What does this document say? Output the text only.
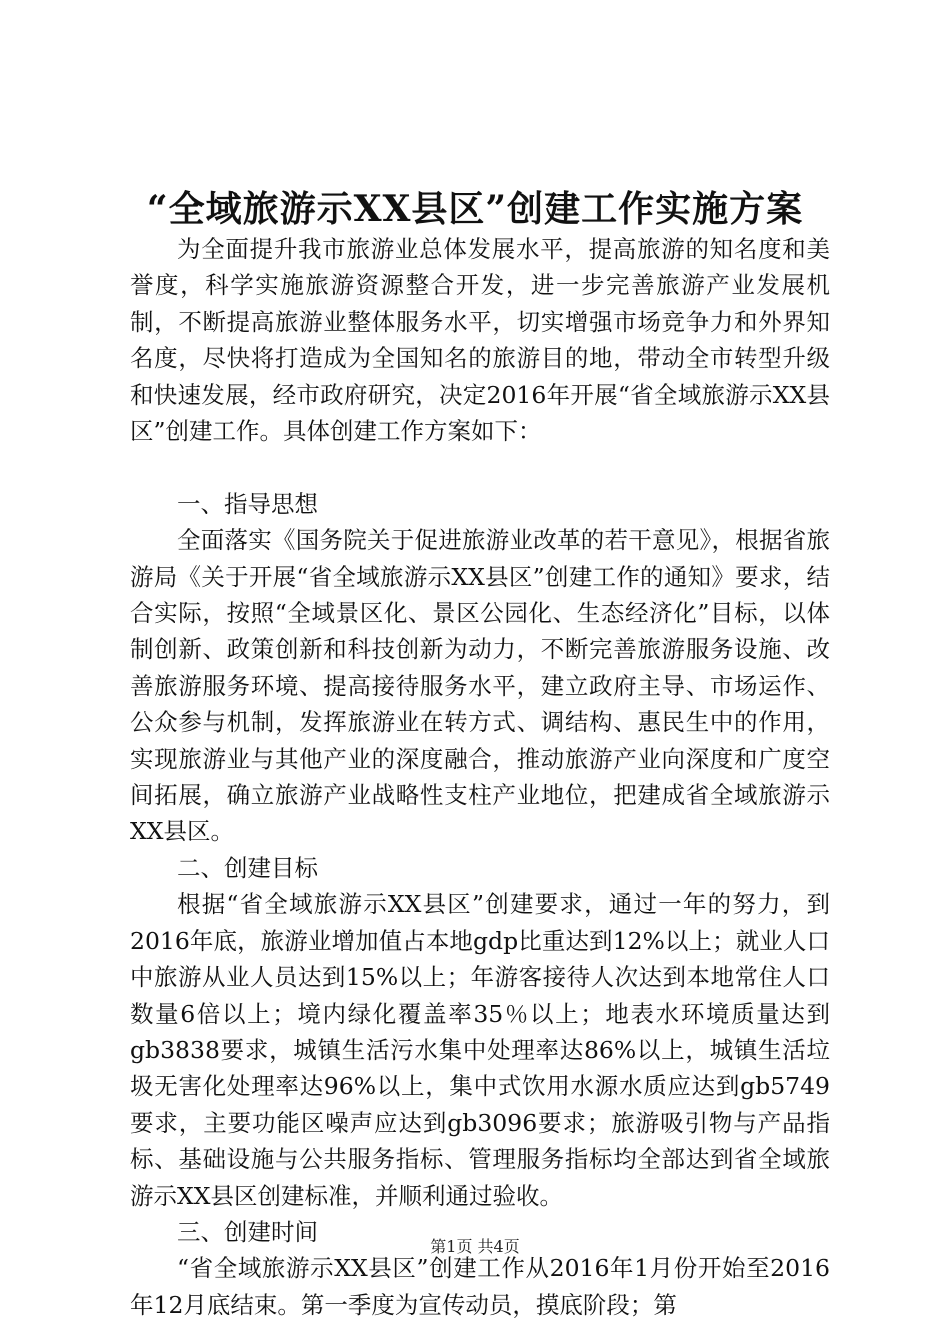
“全域旅游示XX县区”创建工作实施方案

为全面提升我市旅游业总体发展水平，提高旅游的知名度和美誉度，科学实施旅游资源整合开发，进一步完善旅游产业发展机制，不断提高旅游业整体服务水平，切实增强市场竞争力和外界知名度，尽快将打造成为全国知名的旅游目的地，带动全市转型升级和快速发展，经市政府研究，决定2016年开展“省全域旅游示XX县区”创建工作。具体创建工作方案如下：

一、指导思想

全面落实《国务院关于促进旅游业改革的若干意见》，根据省旅游局《关于开展“省全域旅游示XX县区”创建工作的通知》要求，结合实际，按照“全域景区化、景区公园化、生态经济化”目标，以体制创新、政策创新和科技创新为动力，不断完善旅游服务设施、改善旅游服务环境、提高接待服务水平，建立政府主导、市场运作、公众参与机制，发挥旅游业在转方式、调结构、惠民生中的作用，实现旅游业与其他产业的深度融合，推动旅游产业向深度和广度空间拓展，确立旅游产业战略性支柱产业地位，把建成省全域旅游示XX县区。

二、创建目标

根据“省全域旅游示XX县区”创建要求，通过一年的努力，到2016年底，旅游业增加值占本地gdp比重达到12%以上；就业人口中旅游从业人员达到15%以上；年游客接待人次达到本地常住人口数量6倍以上；境内绿化覆盖率35％以上；地表水环境质量达到gb3838要求，城镇生活污水集中处理率达86%以上，城镇生活垃圾无害化处理率达96%以上，集中式饮用水源水质应达到gb5749要求，主要功能区噪声应达到gb3096要求；旅游吸引物与产品指标、基础设施与公共服务指标、管理服务指标均全部达到省全域旅游示XX县区创建标准，并顺利通过验收。

三、创建时间

“省全域旅游示XX县区”创建工作从2016年1月份开始至2016年12月底结束。第一季度为宣传动员，摸底阶段；第

第1页 共4页
